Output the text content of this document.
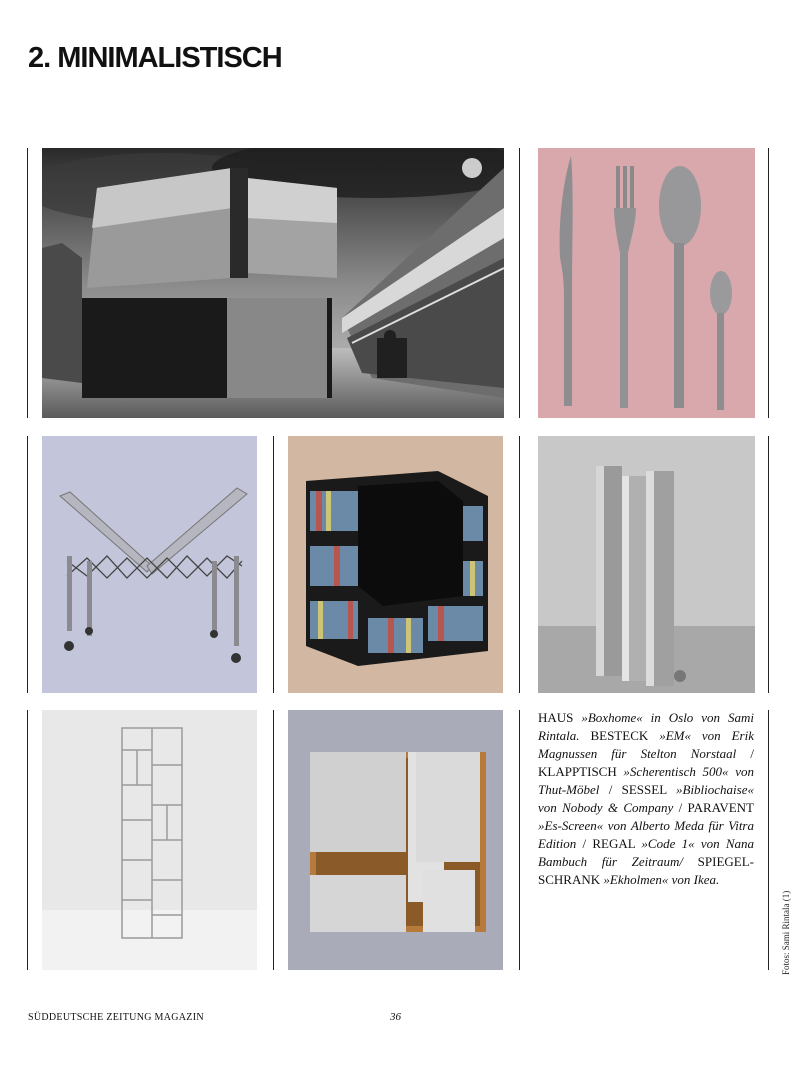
2. MINIMALISTISCH
HAUS »Boxhome« in Oslo von Sami Rintala. BESTECK »EM« von Erik Magnussen für Stelton Norstaal / KLAPPTISCH »Scherentisch 500« von Thut-Möbel / SESSEL »Bibliochaise« von Nobody & Company / PARAVENT »Es-Screen« von Alberto Meda für Vitra Edition / REGAL »Code 1« von Nana Bambuch für Zeitraum/ SPIEGEL-SCHRANK »Ekholmen« von Ikea.
Fotos: Sami Rintala (1)
SÜDDEUTSCHE ZEITUNG MAGAZIN	36
